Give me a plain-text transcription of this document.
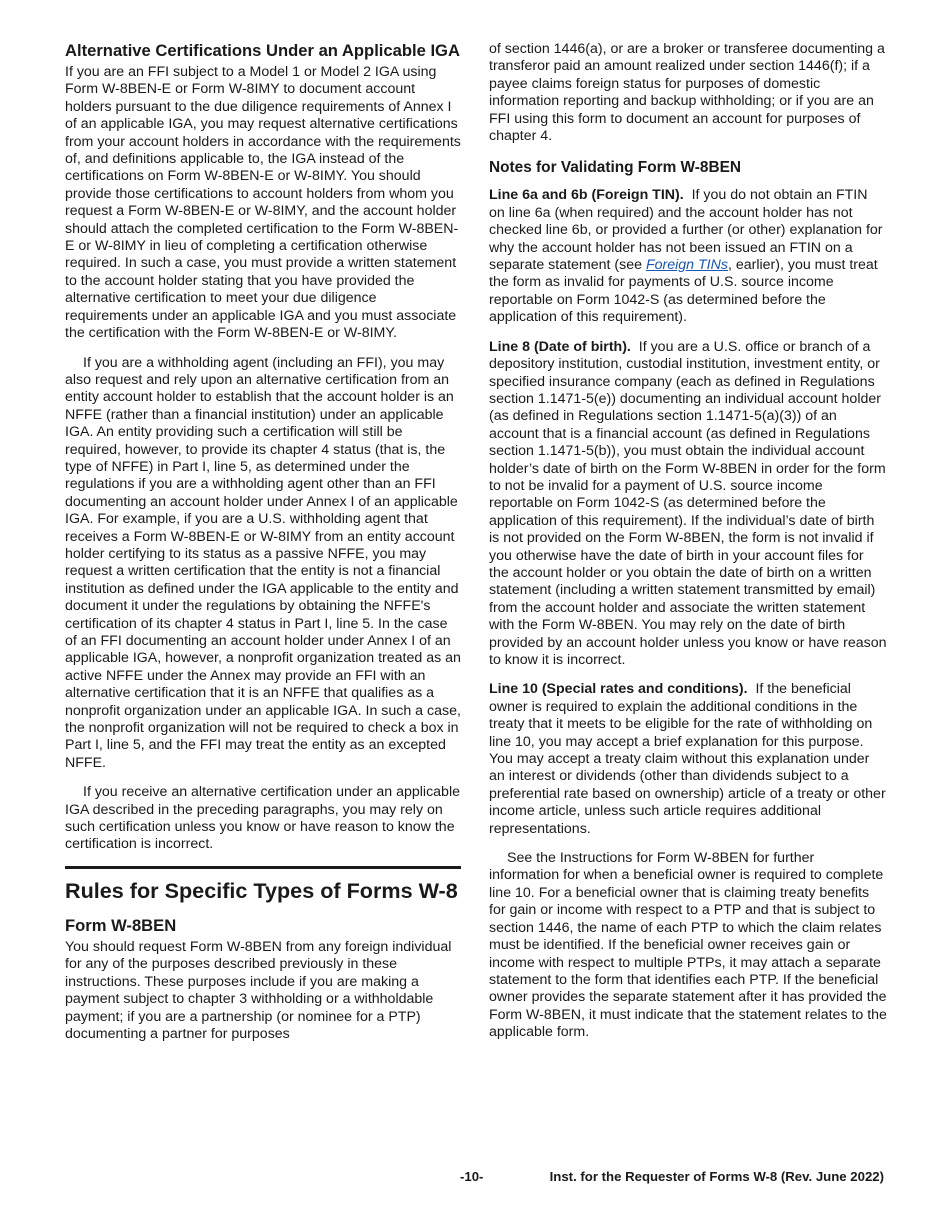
Alternative Certifications Under an Applicable IGA

If you are an FFI subject to a Model 1 or Model 2 IGA using Form W-8BEN-E or Form W-8IMY to document account holders pursuant to the due diligence requirements of Annex I of an applicable IGA, you may request alternative certifications from your account holders in accordance with the requirements of, and definitions applicable to, the IGA instead of the certifications on Form W-8BEN-E or W-8IMY. You should provide those certifications to account holders from whom you request a Form W-8BEN-E or W-8IMY, and the account holder should attach the completed certification to the Form W-8BEN-E or W-8IMY in lieu of completing a certification otherwise required. In such a case, you must provide a written statement to the account holder stating that you have provided the alternative certification to meet your due diligence requirements under an applicable IGA and you must associate the certification with the Form W-8BEN-E or W-8IMY.

If you are a withholding agent (including an FFI), you may also request and rely upon an alternative certification from an entity account holder to establish that the account holder is an NFFE (rather than a financial institution) under an applicable IGA. An entity providing such a certification will still be required, however, to provide its chapter 4 status (that is, the type of NFFE) in Part I, line 5, as determined under the regulations if you are a withholding agent other than an FFI documenting an account holder under Annex I of an applicable IGA. For example, if you are a U.S. withholding agent that receives a Form W-8BEN-E or W-8IMY from an entity account holder certifying to its status as a passive NFFE, you may request a written certification that the entity is not a financial institution as defined under the IGA applicable to the entity and document it under the regulations by obtaining the NFFE's certification of its chapter 4 status in Part I, line 5. In the case of an FFI documenting an account holder under Annex I of an applicable IGA, however, a nonprofit organization treated as an active NFFE under the Annex may provide an FFI with an alternative certification that it is an NFFE that qualifies as a nonprofit organization under an applicable IGA. In such a case, the nonprofit organization will not be required to check a box in Part I, line 5, and the FFI may treat the entity as an excepted NFFE.

If you receive an alternative certification under an applicable IGA described in the preceding paragraphs, you may rely on such certification unless you know or have reason to know the certification is incorrect.

Rules for Specific Types of Forms W-8
Form W-8BEN

You should request Form W-8BEN from any foreign individual for any of the purposes described previously in these instructions. These purposes include if you are making a payment subject to chapter 3 withholding or a withholdable payment; if you are a partnership (or nominee for a PTP) documenting a partner for purposes

of section 1446(a), or are a broker or transferee documenting a transferor paid an amount realized under section 1446(f); if a payee claims foreign status for purposes of domestic information reporting and backup withholding; or if you are an FFI using this form to document an account for purposes of chapter 4.

Notes for Validating Form W-8BEN

Line 6a and 6b (Foreign TIN). If you do not obtain an FTIN on line 6a (when required) and the account holder has not checked line 6b, or provided a further (or other) explanation for why the account holder has not been issued an FTIN on a separate statement (see Foreign TINs, earlier), you must treat the form as invalid for payments of U.S. source income reportable on Form 1042-S (as determined before the application of this requirement).

Line 8 (Date of birth). If you are a U.S. office or branch of a depository institution, custodial institution, investment entity, or specified insurance company (each as defined in Regulations section 1.1471-5(e)) documenting an individual account holder (as defined in Regulations section 1.1471-5(a)(3)) of an account that is a financial account (as defined in Regulations section 1.1471-5(b)), you must obtain the individual account holder’s date of birth on the Form W-8BEN in order for the form to not be invalid for a payment of U.S. source income reportable on Form 1042-S (as determined before the application of this requirement). If the individual’s date of birth is not provided on the Form W-8BEN, the form is not invalid if you otherwise have the date of birth in your account files for the account holder or you obtain the date of birth on a written statement (including a written statement transmitted by email) from the account holder and associate the written statement with the Form W-8BEN. You may rely on the date of birth provided by an account holder unless you know or have reason to know it is incorrect.

Line 10 (Special rates and conditions). If the beneficial owner is required to explain the additional conditions in the treaty that it meets to be eligible for the rate of withholding on line 10, you may accept a brief explanation for this purpose. You may accept a treaty claim without this explanation under an interest or dividends (other than dividends subject to a preferential rate based on ownership) article of a treaty or other income article, unless such article requires additional representations.

See the Instructions for Form W-8BEN for further information for when a beneficial owner is required to complete line 10. For a beneficial owner that is claiming treaty benefits for gain or income with respect to a PTP and that is subject to section 1446, the name of each PTP to which the claim relates must be identified. If the beneficial owner receives gain or income with respect to multiple PTPs, it may attach a separate statement to the form that identifies each PTP. If the beneficial owner provides the separate statement after it has provided the Form W-8BEN, it must indicate that the statement relates to the applicable form.

-10-	Inst. for the Requester of Forms W-8 (Rev. June 2022)
